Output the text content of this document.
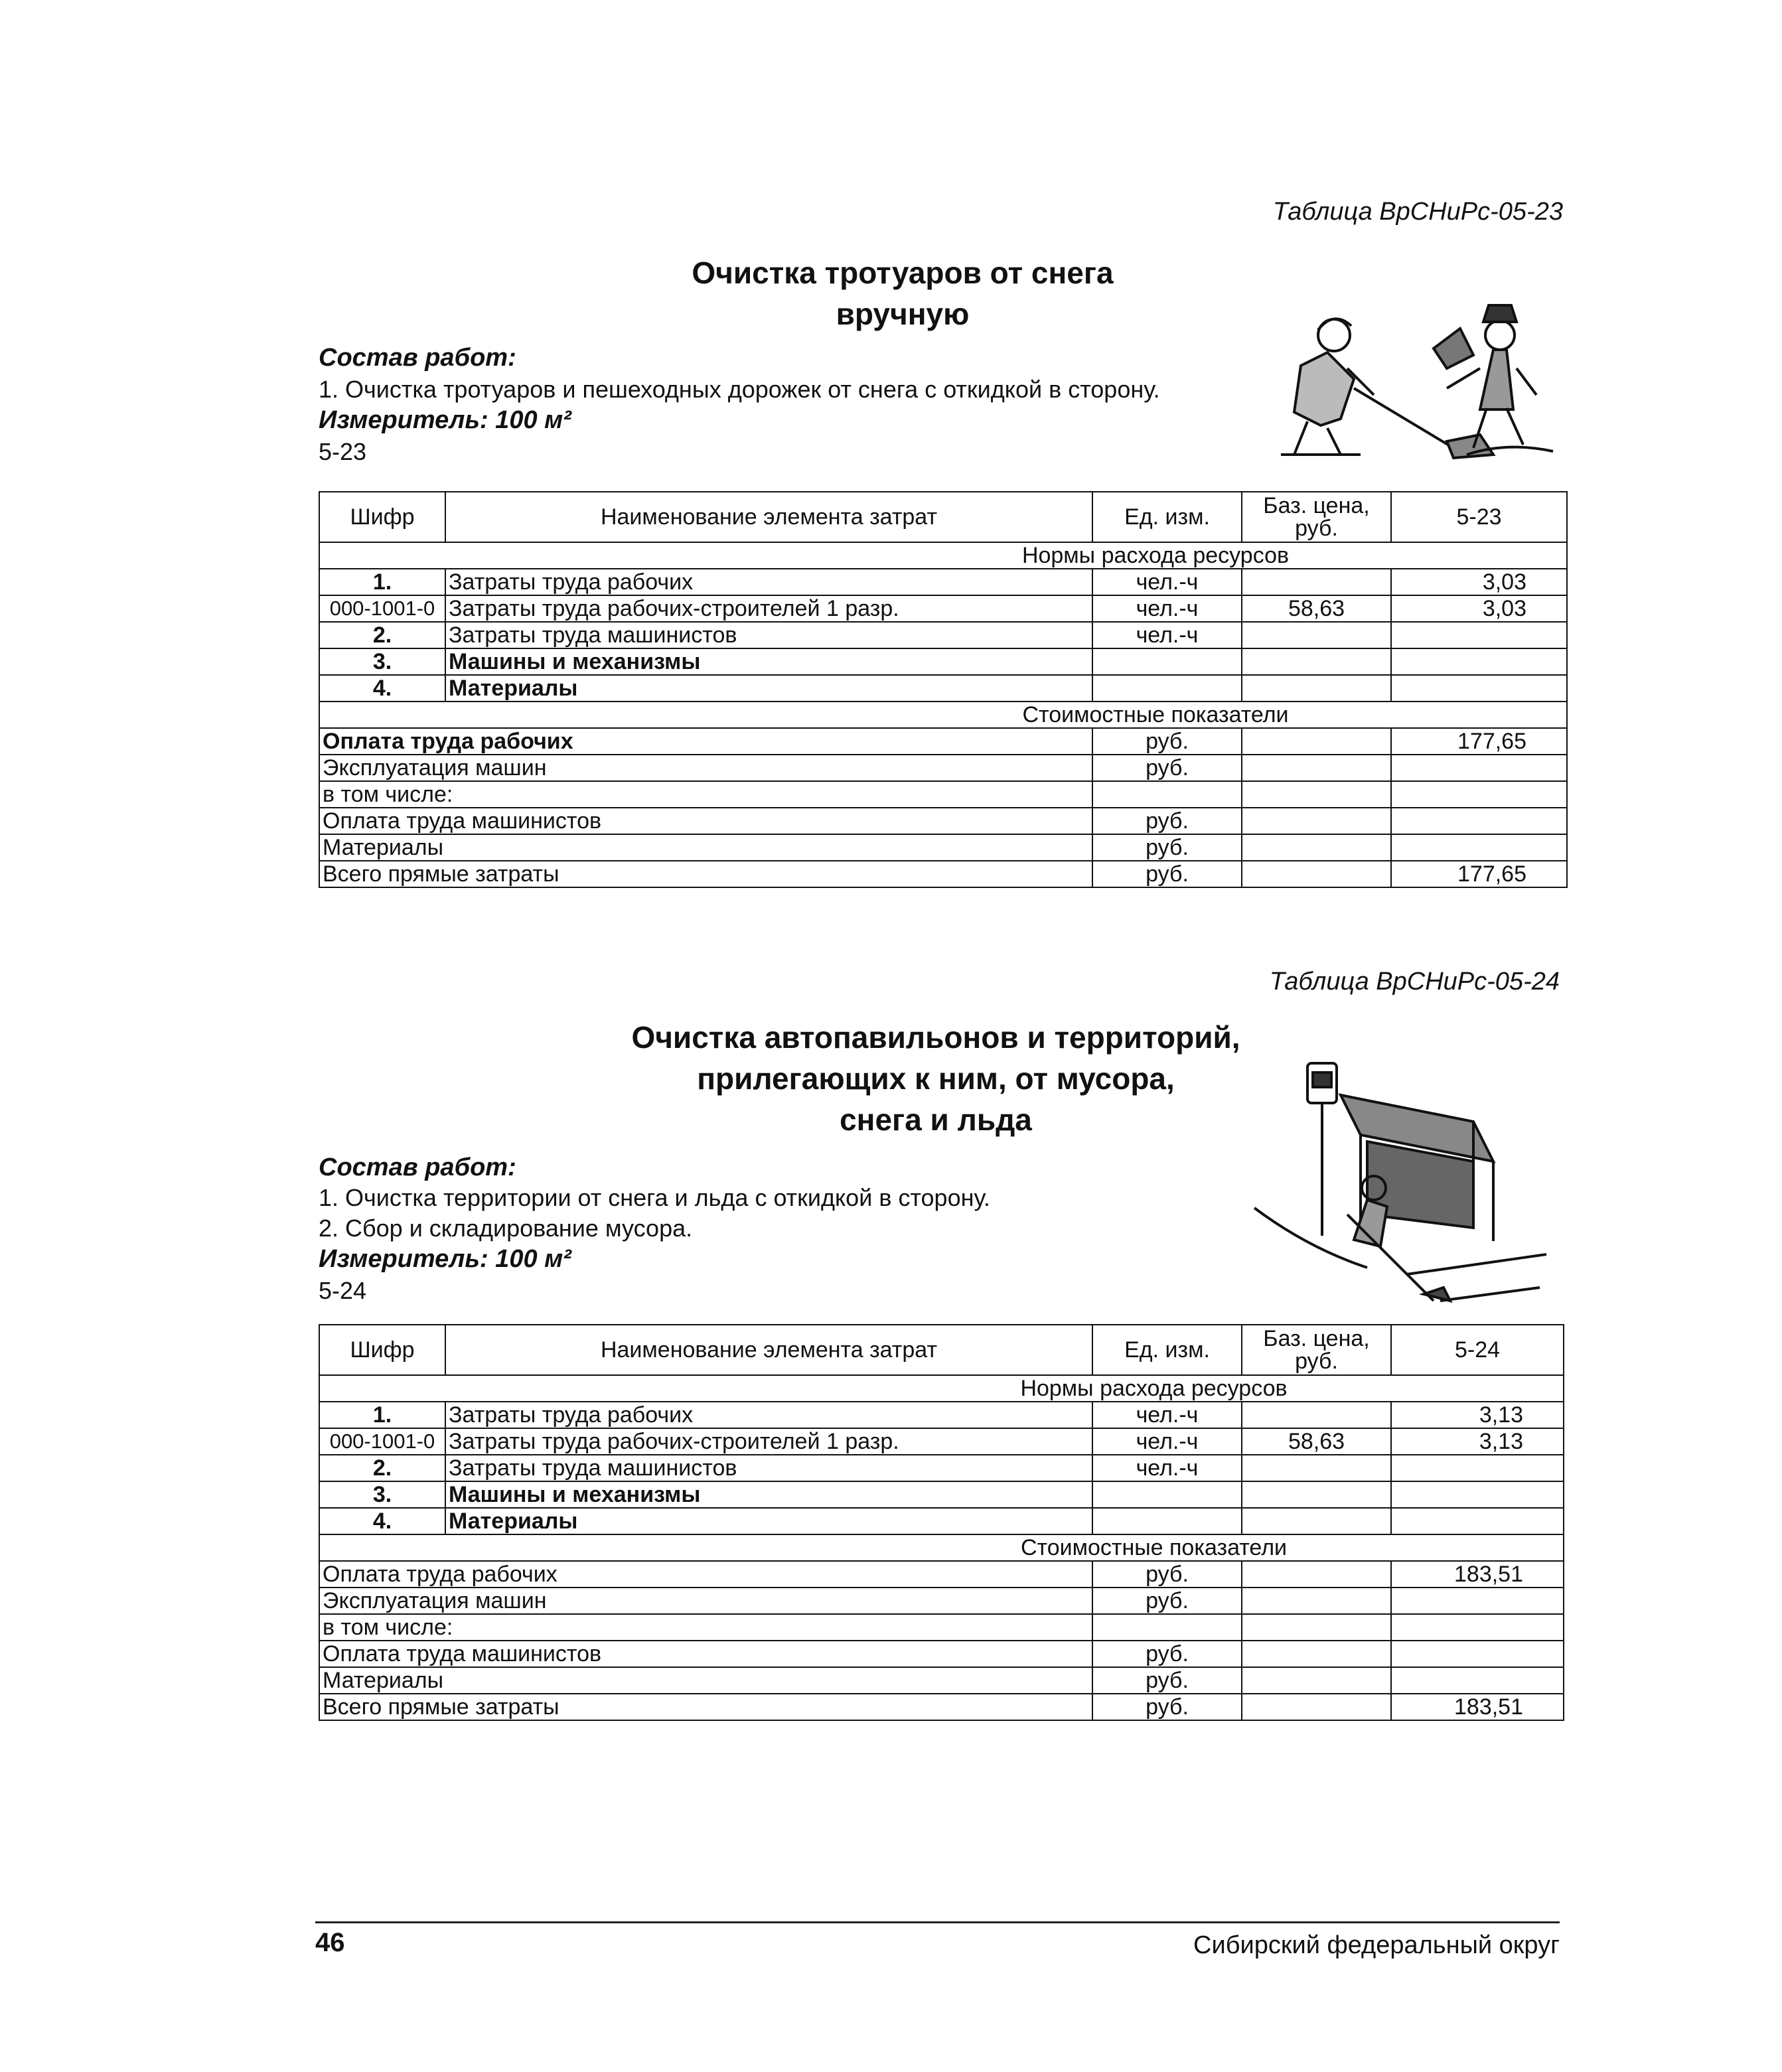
Таблица ВрСНиРс-05-23
Очистка тротуаров от снега
вручную
Состав работ:
1. Очистка тротуаров и пешеходных дорожек от снега с откидкой в сторону.
Измеритель: 100 м²
5-23
Шифр	Наименование элемента затрат	Ед. изм.	Баз. цена, руб.	5-23
Нормы расхода ресурсов				
1.	Затраты труда рабочих	чел.-ч		3,03
000-1001-0	Затраты труда рабочих-строителей 1 разр.	чел.-ч	58,63	3,03
2.	Затраты труда машинистов	чел.-ч		
3.	Машины и механизмы			
4.	Материалы			
Стоимостные показатели				
Оплата труда рабочих		руб.		177,65
Эксплуатация машин		руб.		
в том числе:				
Оплата труда машинистов		руб.		
Материалы		руб.		
Всего прямые затраты		руб.		177,65
Таблица ВрСНиРс-05-24
Очистка автопавильонов и территорий,
прилегающих к ним, от мусора,
снега и льда
Состав работ:
1. Очистка территории от снега и льда с откидкой в сторону.
2. Сбор и складирование мусора.
Измеритель: 100 м²
5-24
Шифр	Наименование элемента затрат	Ед. изм.	Баз. цена, руб.	5-24
Нормы расхода ресурсов				
1.	Затраты труда рабочих	чел.-ч		3,13
000-1001-0	Затраты труда рабочих-строителей 1 разр.	чел.-ч	58,63	3,13
2.	Затраты труда машинистов	чел.-ч		
3.	Машины и механизмы			
4.	Материалы			
Стоимостные показатели				
Оплата труда рабочих		руб.		183,51
Эксплуатация машин		руб.		
в том числе:				
Оплата труда машинистов		руб.		
Материалы		руб.		
Всего прямые затраты		руб.		183,51
46	Сибирский федеральный округ
